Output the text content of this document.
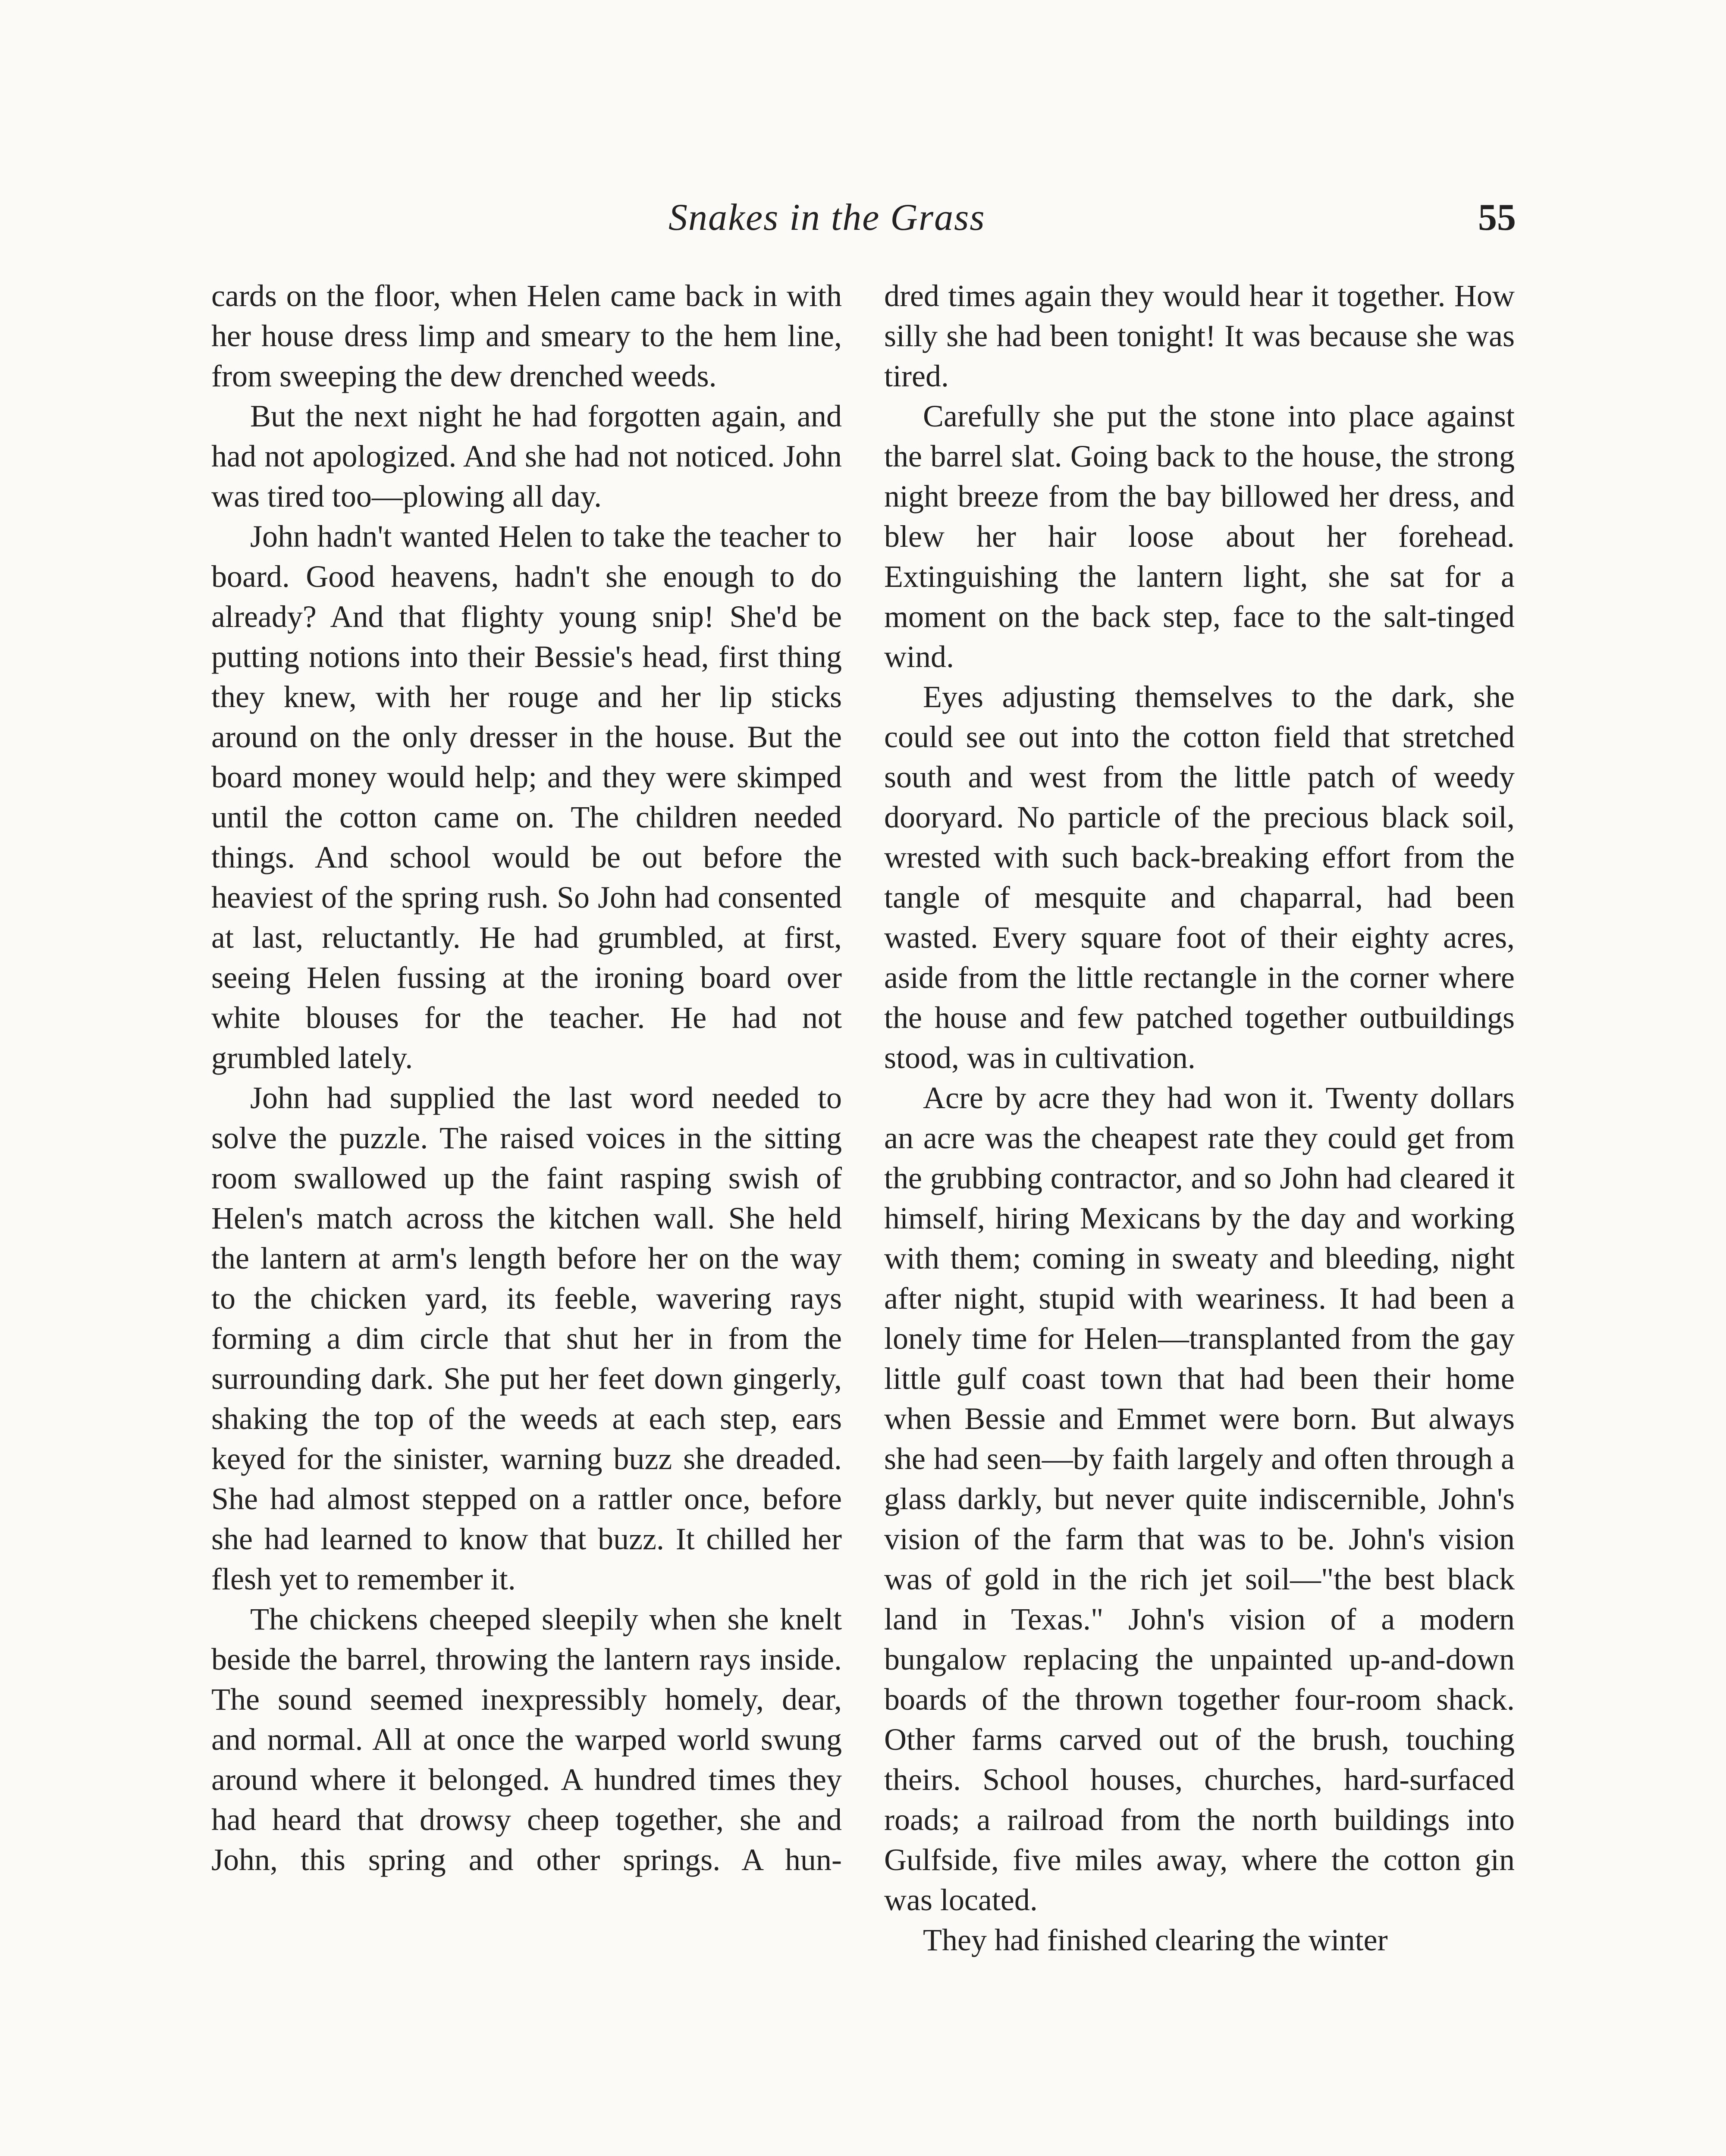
Snakes in the Grass	55

cards on the floor, when Helen came back in with her house dress limp and smeary to the hem line, from sweeping the dew drenched weeds.

But the next night he had forgotten again, and had not apologized. And she had not noticed. John was tired too—plowing all day.

John hadn't wanted Helen to take the teacher to board. Good heavens, hadn't she enough to do already? And that flighty young snip! She'd be putting notions into their Bessie's head, first thing they knew, with her rouge and her lip sticks around on the only dresser in the house. But the board money would help; and they were skimped until the cotton came on. The children needed things. And school would be out before the heaviest of the spring rush. So John had consented at last, reluctantly. He had grumbled, at first, seeing Helen fussing at the ironing board over white blouses for the teacher. He had not grumbled lately.

John had supplied the last word needed to solve the puzzle. The raised voices in the sitting room swallowed up the faint rasping swish of Helen's match across the kitchen wall. She held the lantern at arm's length before her on the way to the chicken yard, its feeble, wavering rays forming a dim circle that shut her in from the surrounding dark. She put her feet down gingerly, shaking the top of the weeds at each step, ears keyed for the sinister, warning buzz she dreaded. She had almost stepped on a rattler once, before she had learned to know that buzz. It chilled her flesh yet to remember it.

The chickens cheeped sleepily when she knelt beside the barrel, throwing the lantern rays inside. The sound seemed inexpressibly homely, dear, and normal. All at once the warped world swung around where it belonged. A hundred times they had heard that drowsy cheep together, she and John, this spring and other springs. A hun-

dred times again they would hear it together. How silly she had been tonight! It was because she was tired.

Carefully she put the stone into place against the barrel slat. Going back to the house, the strong night breeze from the bay billowed her dress, and blew her hair loose about her forehead. Extinguishing the lantern light, she sat for a moment on the back step, face to the salt-tinged wind.

Eyes adjusting themselves to the dark, she could see out into the cotton field that stretched south and west from the little patch of weedy dooryard. No particle of the precious black soil, wrested with such back-breaking effort from the tangle of mesquite and chaparral, had been wasted. Every square foot of their eighty acres, aside from the little rectangle in the corner where the house and few patched together outbuildings stood, was in cultivation.

Acre by acre they had won it. Twenty dollars an acre was the cheapest rate they could get from the grubbing contractor, and so John had cleared it himself, hiring Mexicans by the day and working with them; coming in sweaty and bleeding, night after night, stupid with weariness. It had been a lonely time for Helen—transplanted from the gay little gulf coast town that had been their home when Bessie and Emmet were born. But always she had seen—by faith largely and often through a glass darkly, but never quite indiscernible, John's vision of the farm that was to be. John's vision was of gold in the rich jet soil—"the best black land in Texas." John's vision of a modern bungalow replacing the unpainted up-and-down boards of the thrown together four-room shack. Other farms carved out of the brush, touching theirs. School houses, churches, hard-surfaced roads; a railroad from the north buildings into Gulfside, five miles away, where the cotton gin was located.

They had finished clearing the winter
